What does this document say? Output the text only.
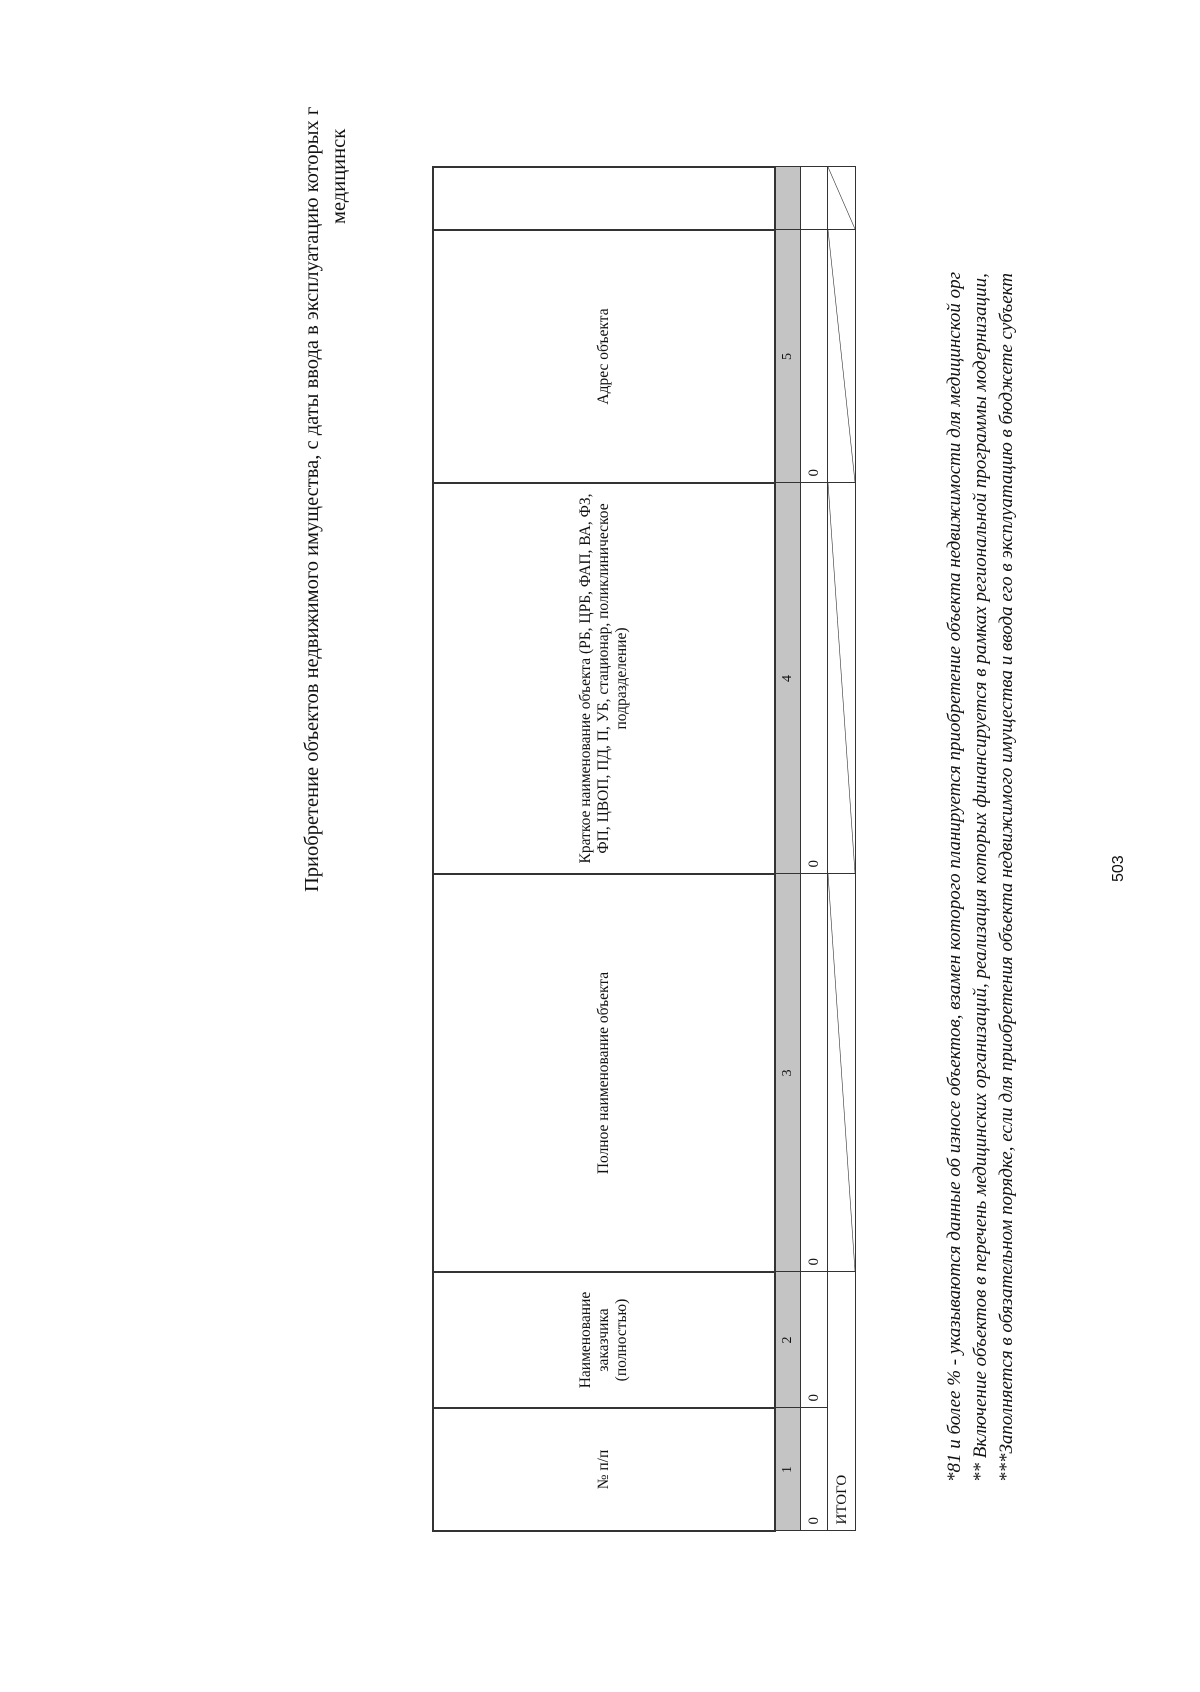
Приобретение объектов недвижимого имущества, с даты ввода в эксплуатацию которых г медицинск
№ п/п	Наименование заказчика (полностью)	Полное наименование объекта	Краткое наименование объекта (РБ, ЦРБ, ФАП, ВА, ФЗ, ФП, ЦВОП, ПД, П, УБ, стационар, поликлиническое подразделение)	Адрес объекта	
1	2	3	4	5	
0	0	0	0	0	
ИТОГО	

*81 и более % - указываются данные об износе объектов, взамен которого планируется приобретение объекта недвижимости для медицинской орг ** Включение объектов в перечень медицинских организаций, реализация которых финансируется в рамках региональной программы модернизации, ***Заполняется в обязательном порядке, если для приобретения объекта недвижимого имущества и ввода его в эксплуатацию в бюджете субъект	503
